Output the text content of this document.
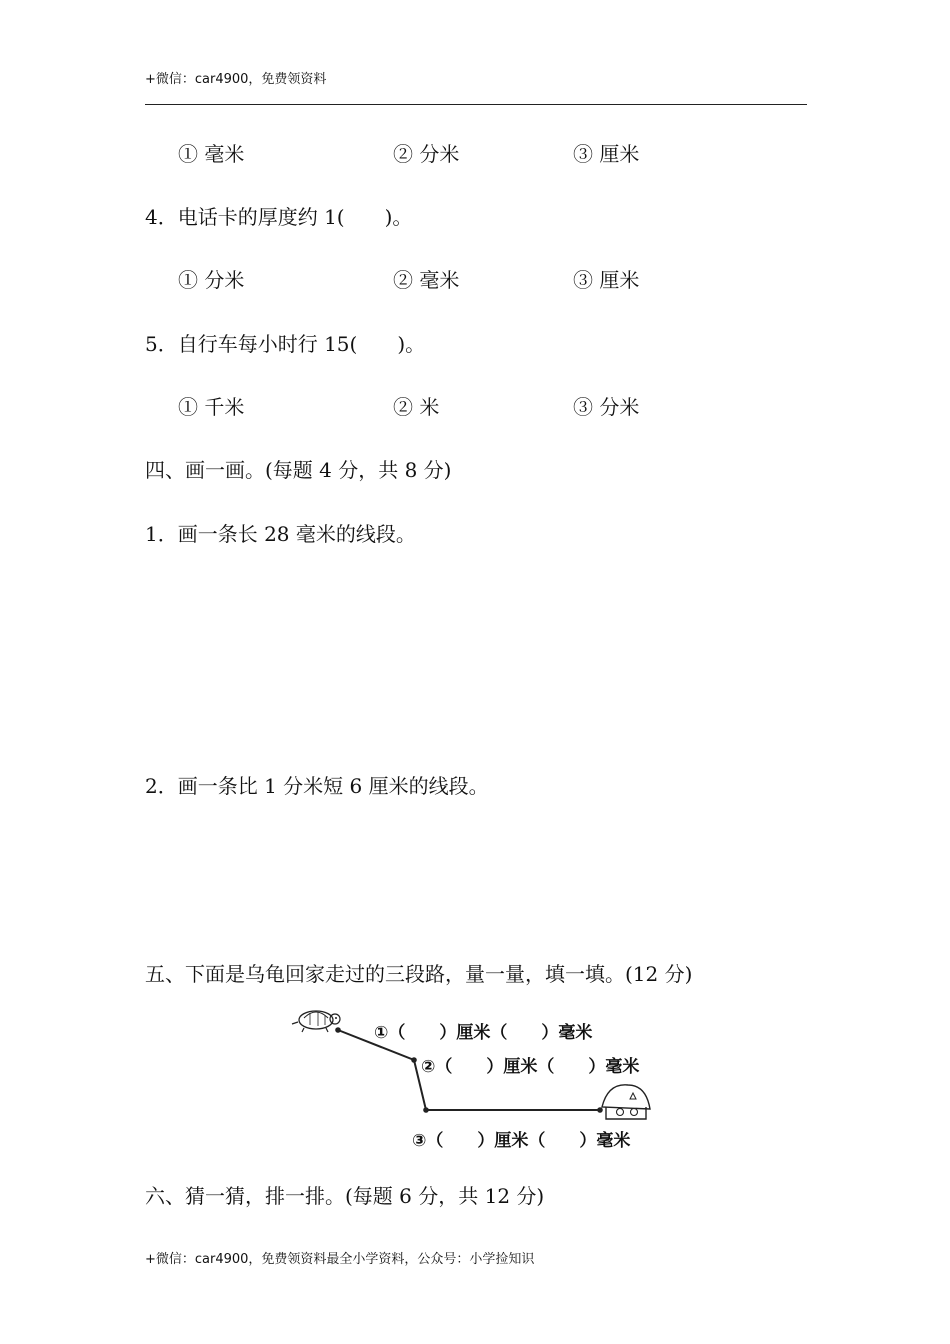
+微信：car4900，免费领资料
① 毫米	② 分米	③ 厘米
4．电话卡的厚度约 1(　　)。
① 分米	② 毫米	③ 厘米
5．自行车每小时行 15(　　)。
① 千米	② 米	③ 分米
四、画一画。(每题 4 分，共 8 分)
1．画一条长 28 毫米的线段。
2．画一条比 1 分米短 6 厘米的线段。
五、下面是乌龟回家走过的三段路，量一量，填一填。(12 分)
①（　　）厘米（　　）毫米
②（　　）厘米（　　）毫米
③（　　）厘米（　　）毫米
六、猜一猜，排一排。(每题 6 分，共 12 分)
+微信：car4900，免费领资料最全小学资料，公众号：小学捡知识
